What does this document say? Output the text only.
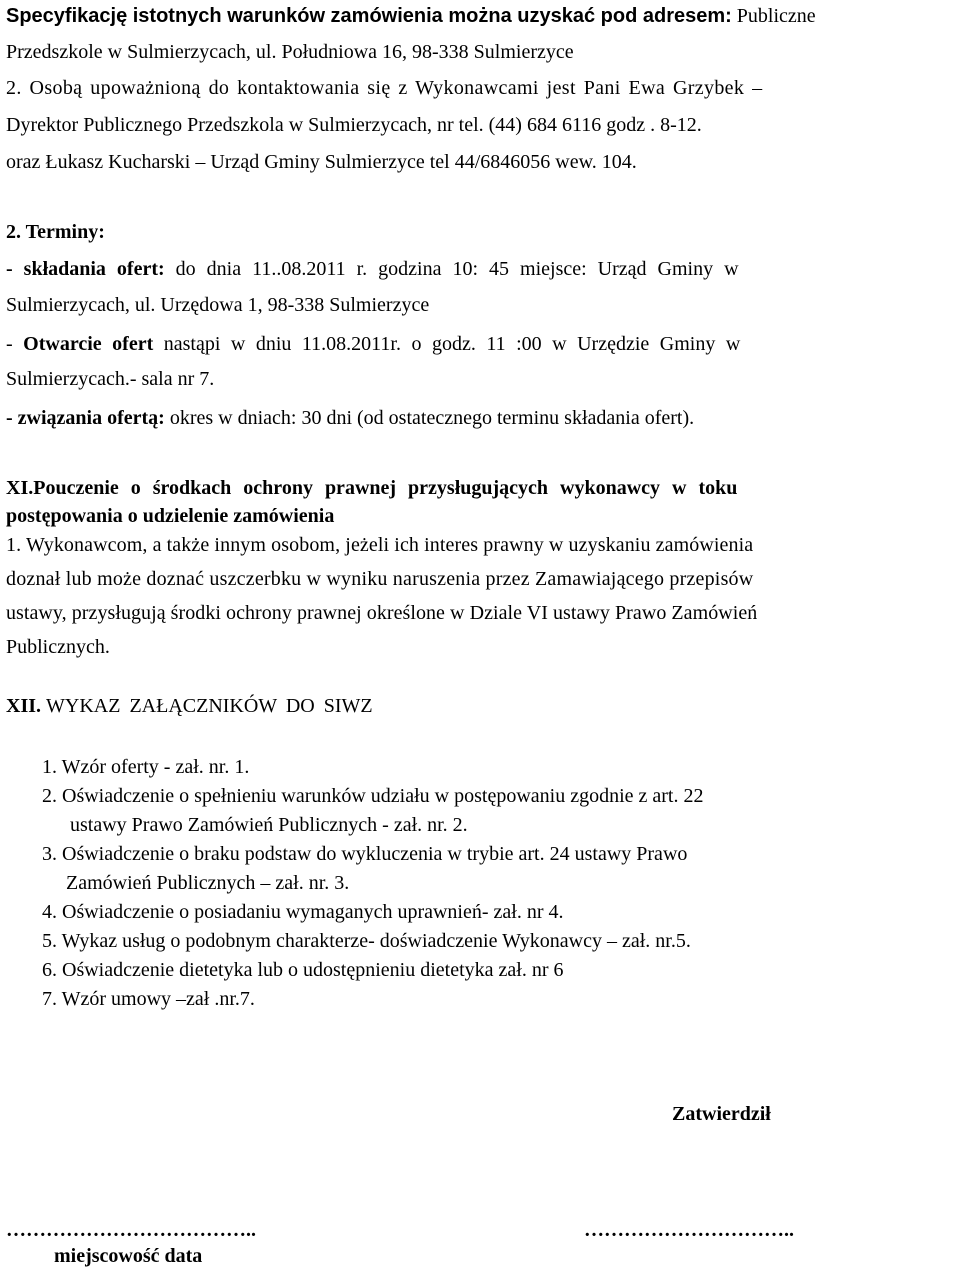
Specyfikację istotnych warunków zamówienia można uzyskać pod adresem: Publiczne
Przedszkole w Sulmierzycach, ul. Południowa 16, 98-338 Sulmierzyce
2. Osobą upoważnioną do kontaktowania się z Wykonawcami jest Pani Ewa Grzybek –
Dyrektor Publicznego Przedszkola w Sulmierzycach, nr tel. (44) 684 6116 godz . 8-12.
oraz Łukasz Kucharski – Urząd Gminy Sulmierzyce tel 44/6846056 wew. 104.
2. Terminy:
- składania ofert: do dnia 11..08.2011 r. godzina 10: 45 miejsce: Urząd Gminy w
Sulmierzycach, ul. Urzędowa 1, 98-338 Sulmierzyce
- Otwarcie ofert nastąpi w dniu 11.08.2011r. o godz. 11 :00 w Urzędzie Gminy w
Sulmierzycach.- sala nr 7.
- związania ofertą: okres w dniach: 30 dni (od ostatecznego terminu składania ofert).
XI.Pouczenie o środkach ochrony prawnej przysługujących wykonawcy w toku
postępowania o udzielenie zamówienia
1. Wykonawcom, a także innym osobom, jeżeli ich interes prawny w uzyskaniu zamówienia
doznał lub może doznać uszczerbku w wyniku naruszenia przez Zamawiającego przepisów
ustawy, przysługują środki ochrony prawnej określone w Dziale VI ustawy Prawo Zamówień
Publicznych.
XII. WYKAZ ZAŁĄCZNIKÓW DO SIWZ
1. Wzór oferty - zał. nr. 1.
2. Oświadczenie o spełnieniu warunków udziału w postępowaniu zgodnie z art. 22
ustawy Prawo Zamówień Publicznych - zał. nr. 2.
3. Oświadczenie o braku podstaw do wykluczenia w trybie art. 24 ustawy Prawo
Zamówień Publicznych – zał. nr. 3.
4. Oświadczenie o posiadaniu wymaganych uprawnień- zał. nr 4.
5. Wykaz usług o podobnym charakterze- doświadczenie Wykonawcy – zał. nr.5.
6. Oświadczenie dietetyka lub o udostępnieniu dietetyka zał. nr 6
7. Wzór umowy –zał .nr.7.
Zatwierdził
………………………………..	…………………………..
miejscowość data
